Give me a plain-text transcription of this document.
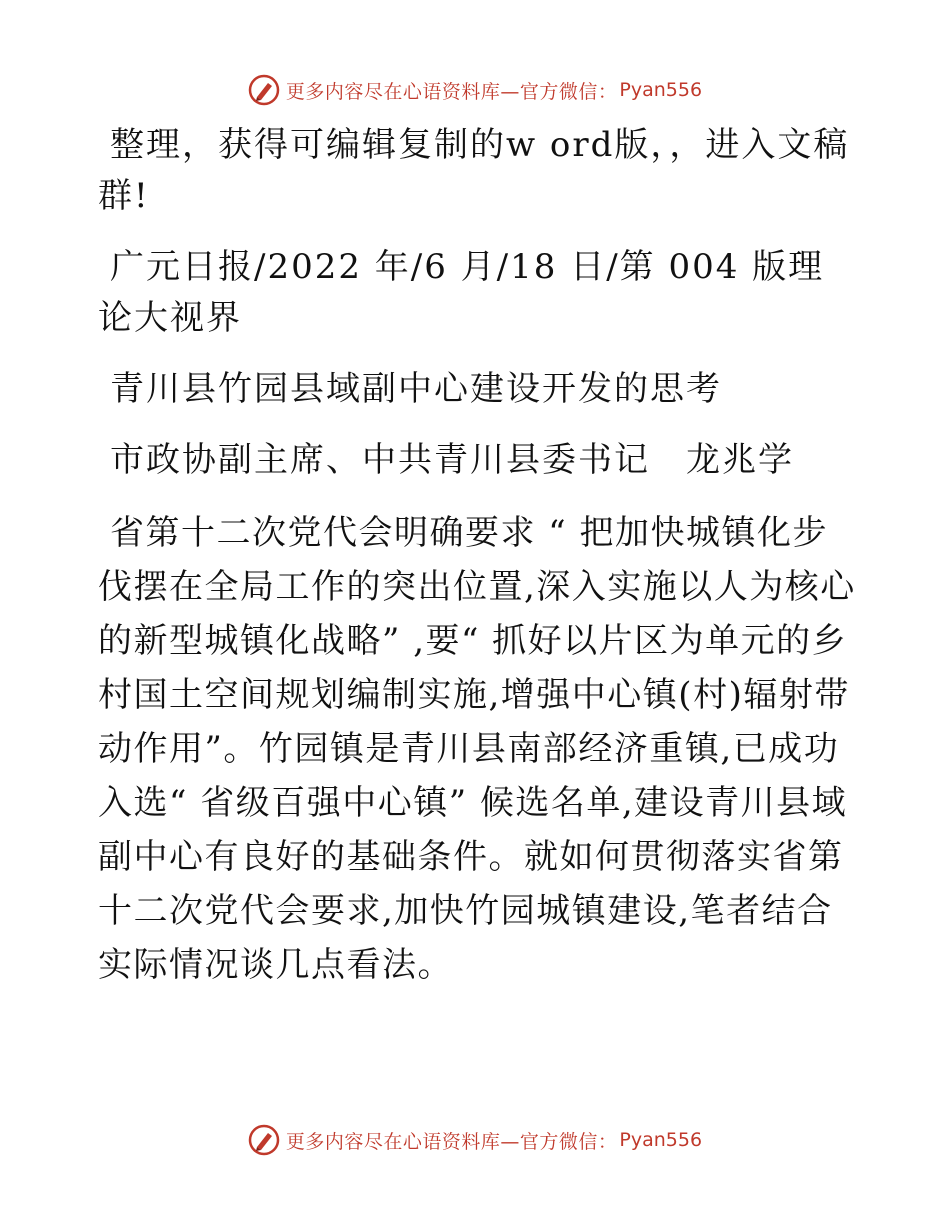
更多内容尽在心语资料库—官方微信： Pyan556

整理，获得可编辑复制的w ord版，，进入文稿群!

广元日报/2022 年/6 月/18 日/第 004 版理论大视界

青川县竹园县域副中心建设开发的思考

市政协副主席、中共青川县委书记　龙兆学

省第十二次党代会明确要求 “ 把加快城镇化步伐摆在全局工作的突出位置,深入实施以人为核心的新型城镇化战略” ,要“ 抓好以片区为单元的乡村国土空间规划编制实施,增强中心镇(村)辐射带动作用”。竹园镇是青川县南部经济重镇,已成功入选“ 省级百强中心镇” 候选名单,建设青川县域副中心有良好的基础条件。就如何贯彻落实省第十二次党代会要求,加快竹园城镇建设,笔者结合实际情况谈几点看法。

更多内容尽在心语资料库—官方微信： Pyan556
